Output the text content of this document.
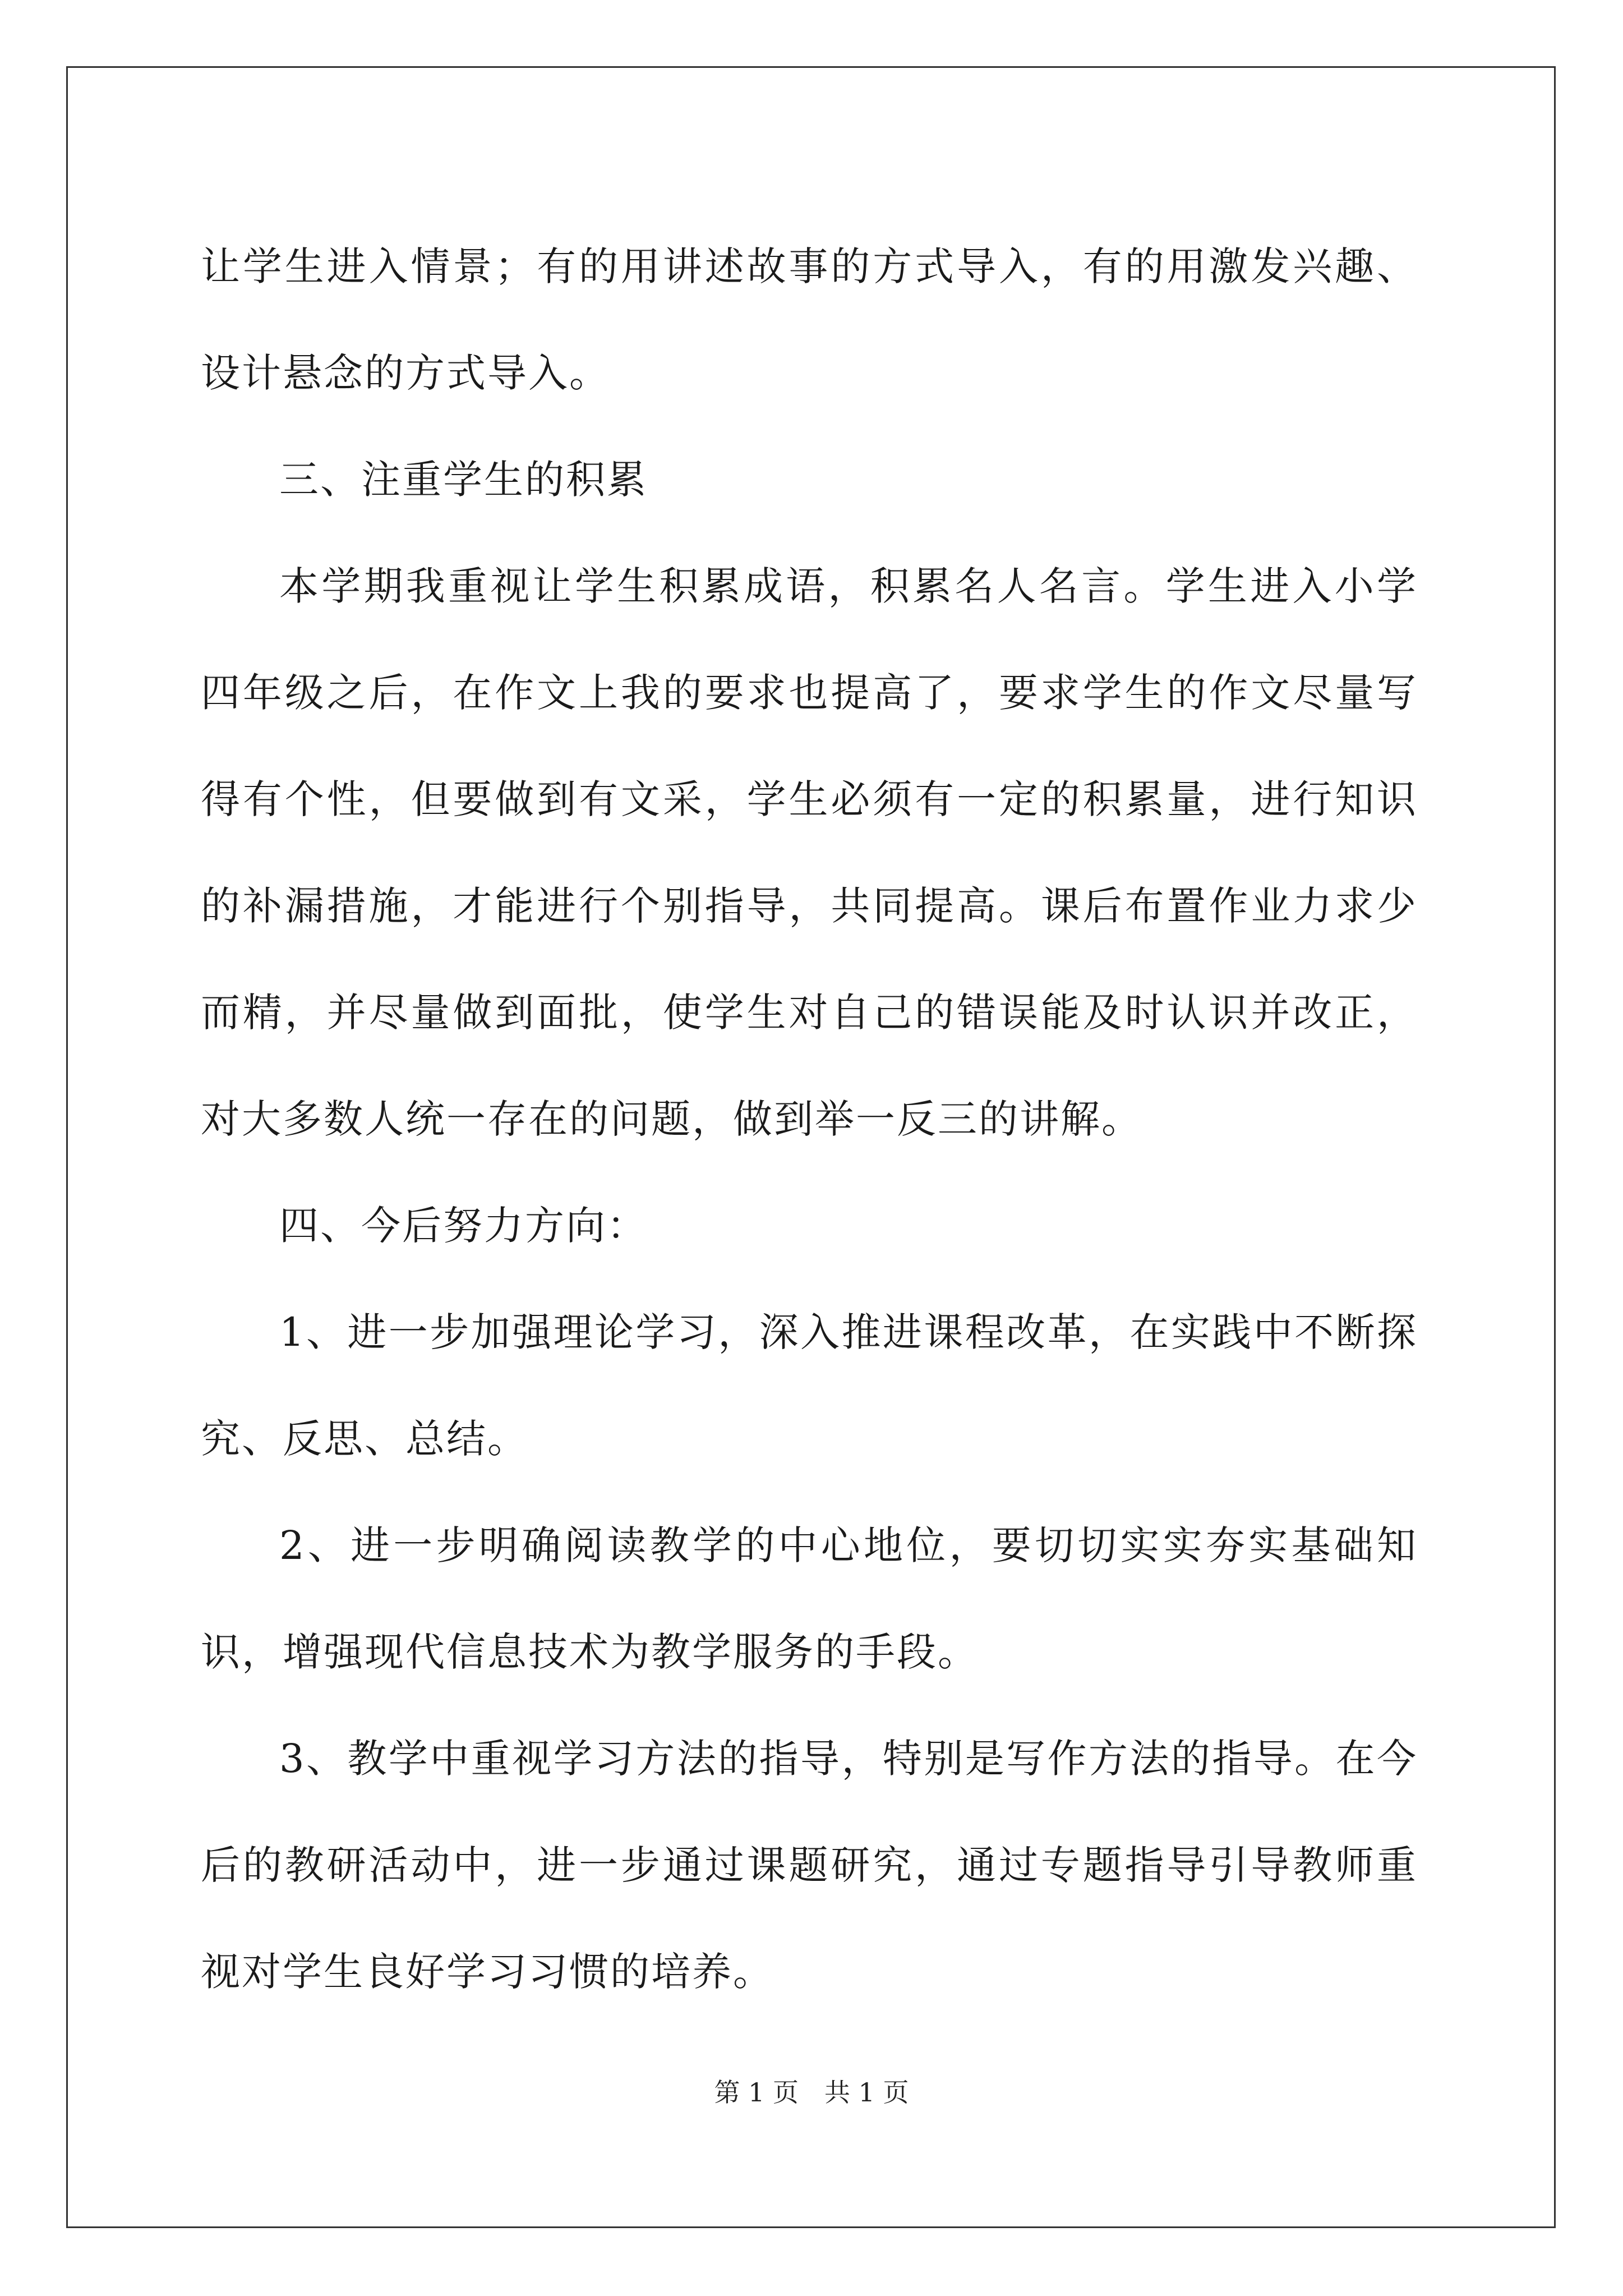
让学生进入情景；有的用讲述故事的方式导入，有的用激发兴趣、设计悬念的方式导入。

三、注重学生的积累

本学期我重视让学生积累成语，积累名人名言。学生进入小学四年级之后，在作文上我的要求也提高了，要求学生的作文尽量写得有个性，但要做到有文采，学生必须有一定的积累量，进行知识的补漏措施，才能进行个别指导，共同提高。课后布置作业力求少而精，并尽量做到面批，使学生对自己的错误能及时认识并改正，对大多数人统一存在的问题，做到举一反三的讲解。

四、今后努力方向：

1、进一步加强理论学习，深入推进课程改革，在实践中不断探究、反思、总结。

2、进一步明确阅读教学的中心地位，要切切实实夯实基础知识，增强现代信息技术为教学服务的手段。

3、教学中重视学习方法的指导，特别是写作方法的指导。在今后的教研活动中，进一步通过课题研究，通过专题指导引导教师重视对学生良好学习习惯的培养。

第 1 页　共 1 页
